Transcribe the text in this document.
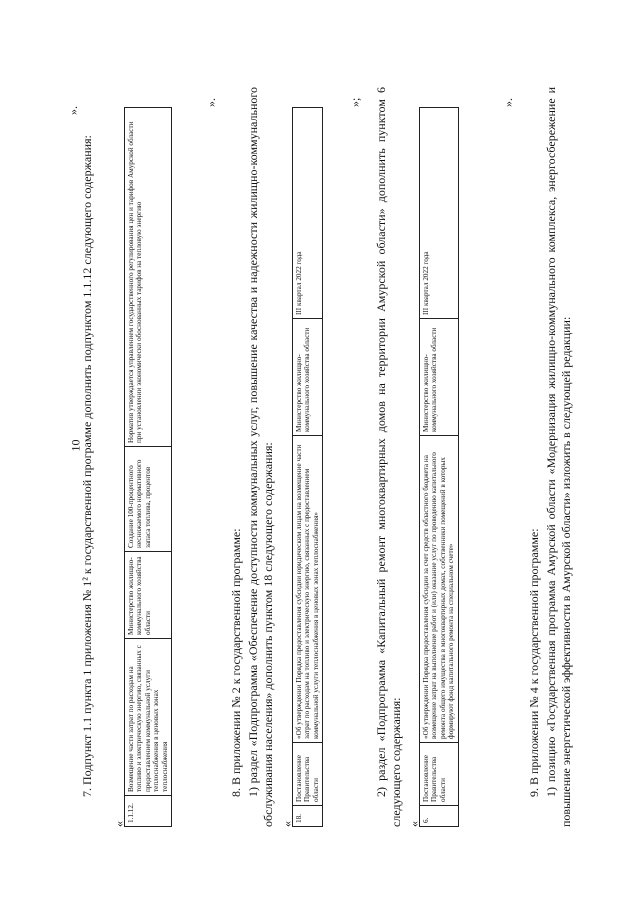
10
».
7. Подпункт 1.1 пункта 1 приложения № 1² к государственной программе дополнить подпунктом 1.1.12 следующего содержания:
«
1.1.12.	Возмещение части затрат по расходам на топливо и электрическую энергию, связанных с предоставлением коммунальной услуги теплоснабжения в ценовых зонах теплоснабжения	Министерство жилищно-коммунального хозяйства области	Создание 100-процентного неснижаемого нормативного запаса топлива, процентов	Норматив утверждается управлением государственного регулирования цен и тарифов Амурской области при установлении экономически обоснованных тарифов на тепловую энергию
».
8. В приложении № 2 к государственной программе: 1) раздел «Подпрограмма «Обеспечение доступности коммунальных услуг, повышение качества и надежности жилищно-коммунального обслуживания населения» дополнить пунктом 18 следующего содержания: «
18.	Постановление Правительства области	«Об утверждении Порядка предоставления субсидии юридическим лицам на возмещение части затрат по расходам на топливо и электрическую энергию, связанных с предоставлением коммунальной услуги теплоснабжения в ценовых зонах теплоснабжения»	Министерство жилищно-коммунального хозяйства области	III квартал 2022 года
»; 2) раздел «Подпрограмма «Капитальный ремонт многоквартирных домов на территории Амурской области» дополнить пунктом 6 следующего содержания: «
6.	Постановление Правительства области	«Об утверждении Порядка предоставления субсидии за счет средств областного бюджета на возмещение затрат на выполнение работ и (или) оказание услуг по проведению капитального ремонта общего имущества в многоквартирных домах, собственники помещений в которых формируют фонд капитального ремонта на специальном счете»	Министерство жилищно-коммунального хозяйства области	III квартал 2022 года
».
9. В приложении № 4 к государственной программе: 1) позицию «Государственная программа Амурской области «Модернизация жилищно-коммунального комплекса, энергосбережение и повышение энергетической эффективности в Амурской области» изложить в следующей редакции:
